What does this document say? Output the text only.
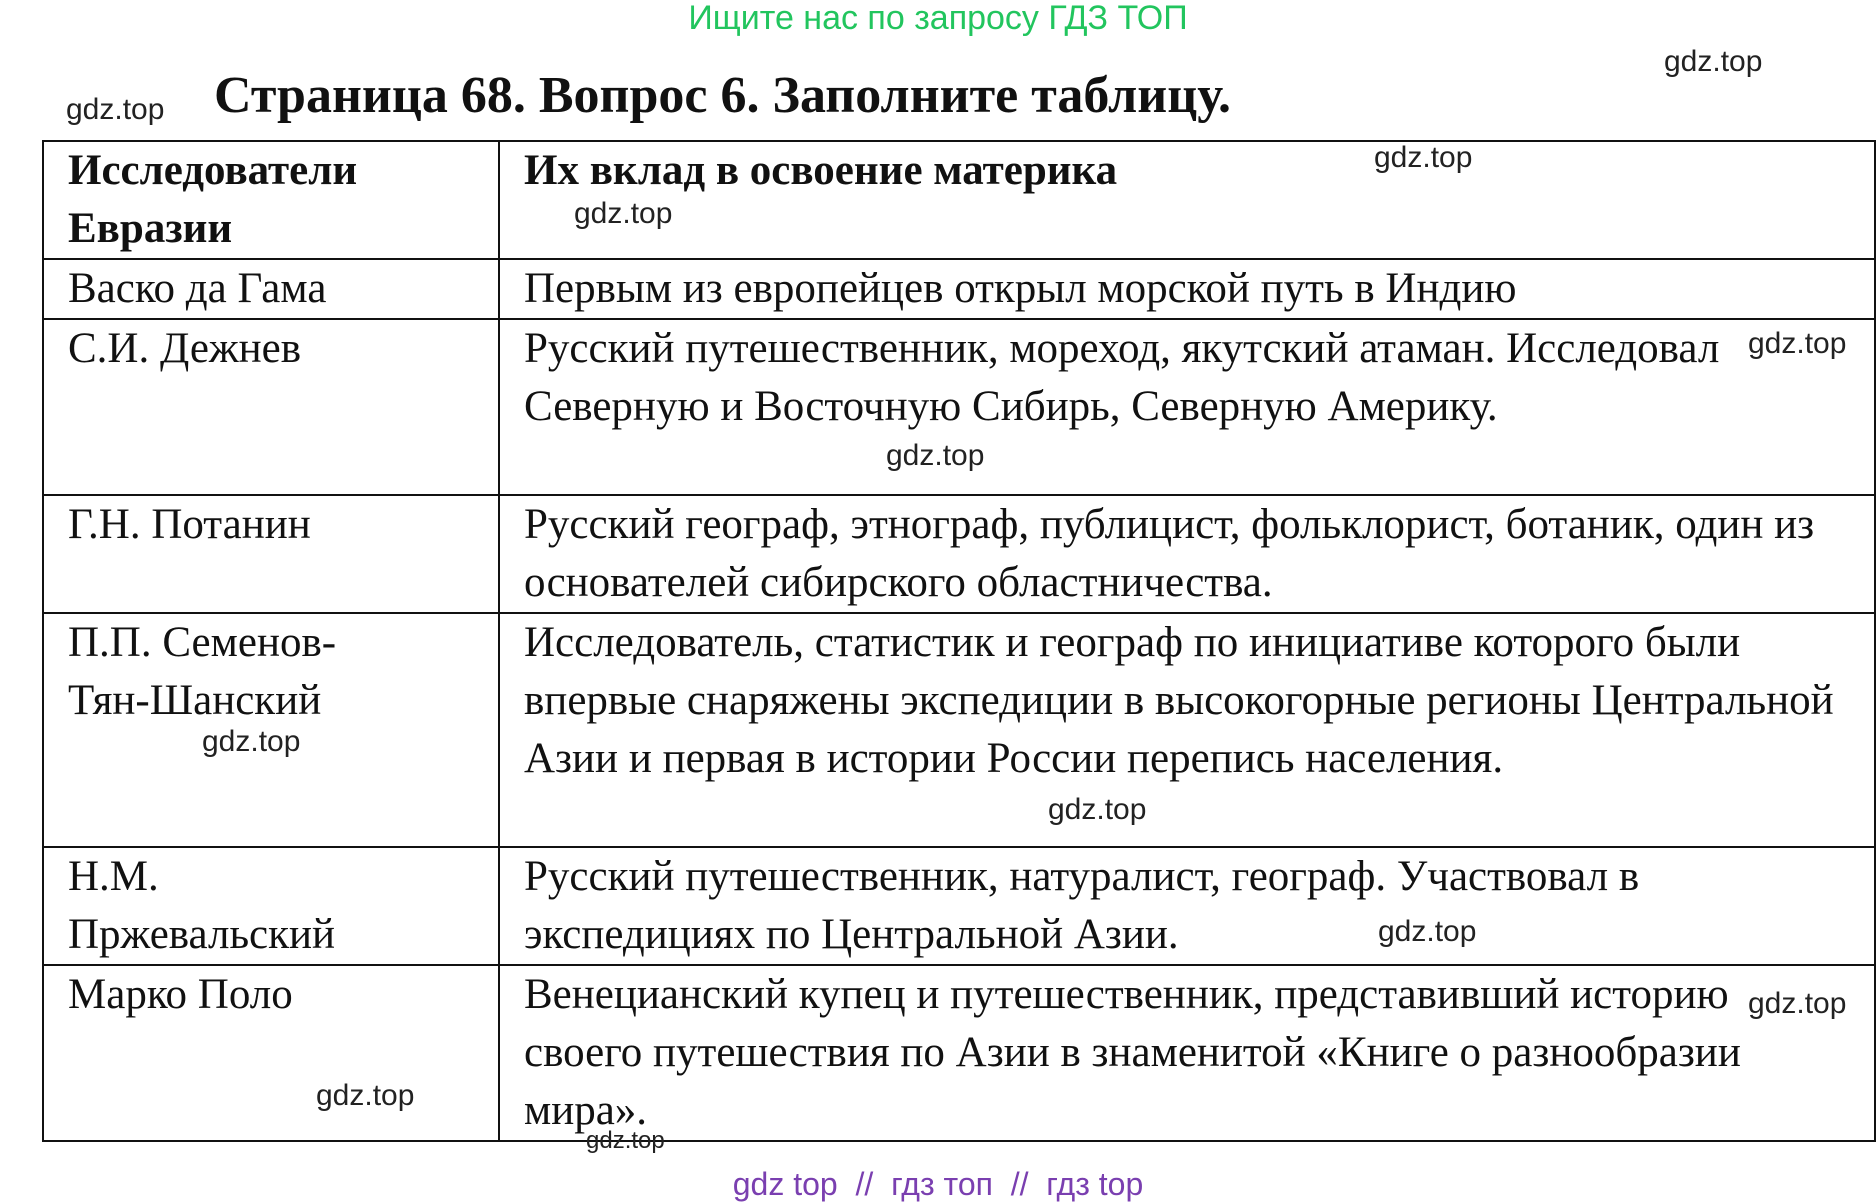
Ищите нас по запросу ГДЗ ТОП
Страница 68. Вопрос 6. Заполните таблицу.
Исследователи Евразии	Их вклад в освоение материка
Васко да Гама	Первым из европейцев открыл морской путь в Индию
С.И. Дежнев	Русский путешественник, мореход, якутский атаман. Исследовал Северную и Восточную Сибирь, Северную Америку.
Г.Н. Потанин	Русский географ, этнограф, публицист, фольклорист, ботаник, один из основателей сибирского областничества.
П.П. Семенов-Тян-Шанский	Исследователь, статистик и географ по инициативе которого были впервые снаряжены экспедиции в высокогорные регионы Центральной Азии и первая в истории России перепись населения.
Н.М. Пржевальский	Русский путешественник, натуралист, географ. Участвовал в экспедициях по Центральной Азии.
Марко Поло	Венецианский купец и путешественник, представивший историю своего путешествия по Азии в знаменитой «Книге о разнообразии мира».
gdz.top
gdz.top
gdz.top
gdz.top
gdz.top
gdz.top
gdz.top
gdz.top
gdz.top
gdz.top
gdz.top
gdz.top
gdz top  //  гдз топ  //  гдз top
